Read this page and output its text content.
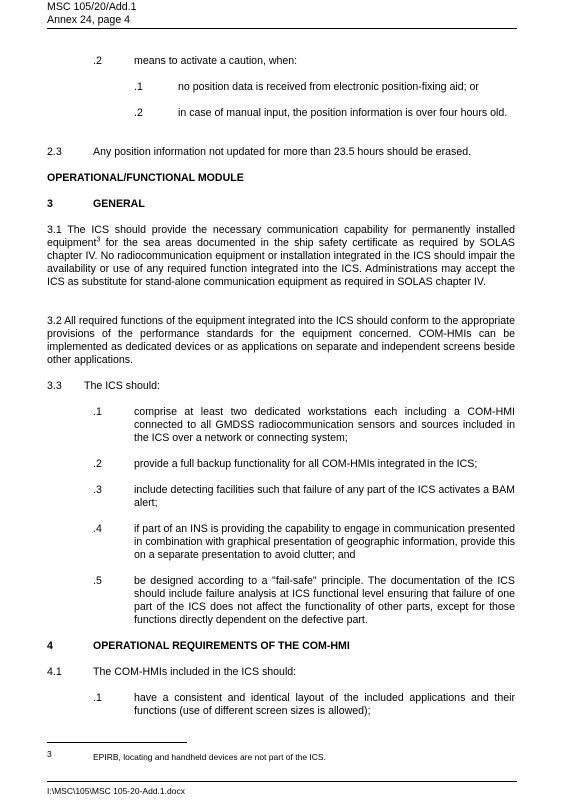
MSC 105/20/Add.1
Annex 24, page 4
.2	means to activate a caution, when:
.1	no position data is received from electronic position-fixing aid; or
.2	in case of manual input, the position information is over four hours old.
2.3	Any position information not updated for more than 23.5 hours should be erased.
OPERATIONAL/FUNCTIONAL MODULE
3	GENERAL
3.1 The ICS should provide the necessary communication capability for permanently installed equipment$^3$ for the sea areas documented in the ship safety certificate as required by SOLAS chapter IV. No radiocommunication equipment or installation integrated in the ICS should impair the availability or use of any required function integrated into the ICS. Administrations may accept the ICS as substitute for stand-alone communication equipment as required in SOLAS chapter IV.
3.2 All required functions of the equipment integrated into the ICS should conform to the appropriate provisions of the performance standards for the equipment concerned. COM-HMIs can be implemented as dedicated devices or as applications on separate and independent screens beside other applications.
3.3 The ICS should:
.1	comprise at least two dedicated workstations each including a COM-HMI connected to all GMDSS radiocommunication sensors and sources included in the ICS over a network or connecting system;
.2	provide a full backup functionality for all COM-HMIs integrated in the ICS;
.3	include detecting facilities such that failure of any part of the ICS activates a BAM alert;
.4	if part of an INS is providing the capability to engage in communication presented in combination with graphical presentation of geographic information, provide this on a separate presentation to avoid clutter; and
.5	be designed according to a "fail-safe" principle. The documentation of the ICS should include failure analysis at ICS functional level ensuring that failure of one part of the ICS does not affect the functionality of other parts, except for those functions directly dependent on the defective part.
4	OPERATIONAL REQUIREMENTS OF THE COM-HMI
4.1	The COM-HMIs included in the ICS should:
.1	have a consistent and identical layout of the included applications and their functions (use of different screen sizes is allowed);
3	EPIRB, locating and handheld devices are not part of the ICS.
I:\MSC\105\MSC 105-20-Add.1.docx
